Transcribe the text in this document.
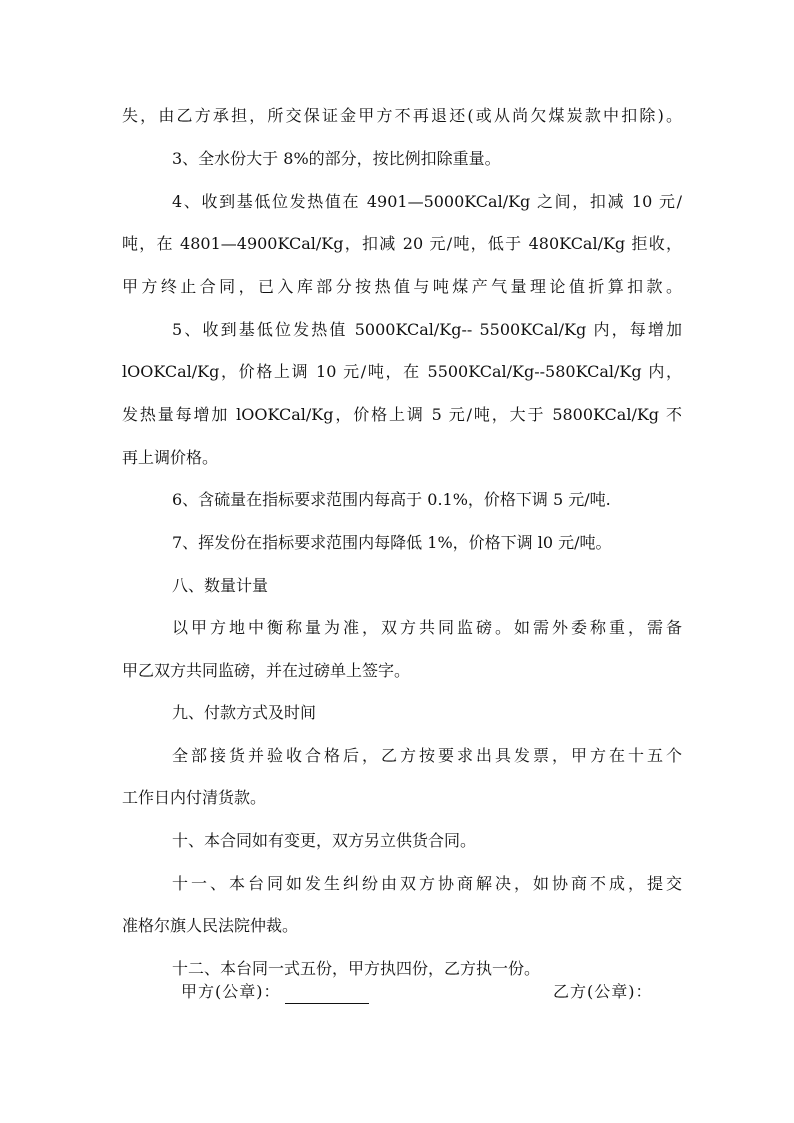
失，由乙方承担，所交保证金甲方不再退还(或从尚欠煤炭款中扣除)。
3、全水份大于 8%的部分，按比例扣除重量。
4、收到基低位发热值在 4901—5000KCal/Kg 之间，扣减 10 元/
吨，在 4801—4900KCal/Kg，扣减 20 元/吨，低于 480KCal/Kg 拒收，
甲方终止合同，已入库部分按热值与吨煤产气量理论值折算扣款。
5、收到基低位发热值 5000KCal/Kg-- 5500KCal/Kg 内，每增加
lOOKCal/Kg，价格上调 10 元/吨，在 5500KCal/Kg--580KCal/Kg 内，
发热量每增加 lOOKCal/Kg，价格上调 5 元/吨，大于 5800KCal/Kg 不
再上调价格。
6、含硫量在指标要求范围内每高于 0.1%，价格下调 5 元/吨.
7、挥发份在指标要求范围内每降低 1%，价格下调 l0 元/吨。
八、数量计量
以甲方地中衡称量为准，双方共同监磅。如需外委称重，需备
甲乙双方共同监磅，并在过磅单上签字。
九、付款方式及时间
全部接货并验收合格后，乙方按要求出具发票，甲方在十五个
工作日内付清货款。
十、本合同如有变更，双方另立供货合同。
十一、本台同如发生纠纷由双方协商解决，如协商不成，提交
准格尔旗人民法院仲裁。
十二、本台同一式五份，甲方执四份，乙方执一份。
甲方(公章)：	乙方(公章)：
